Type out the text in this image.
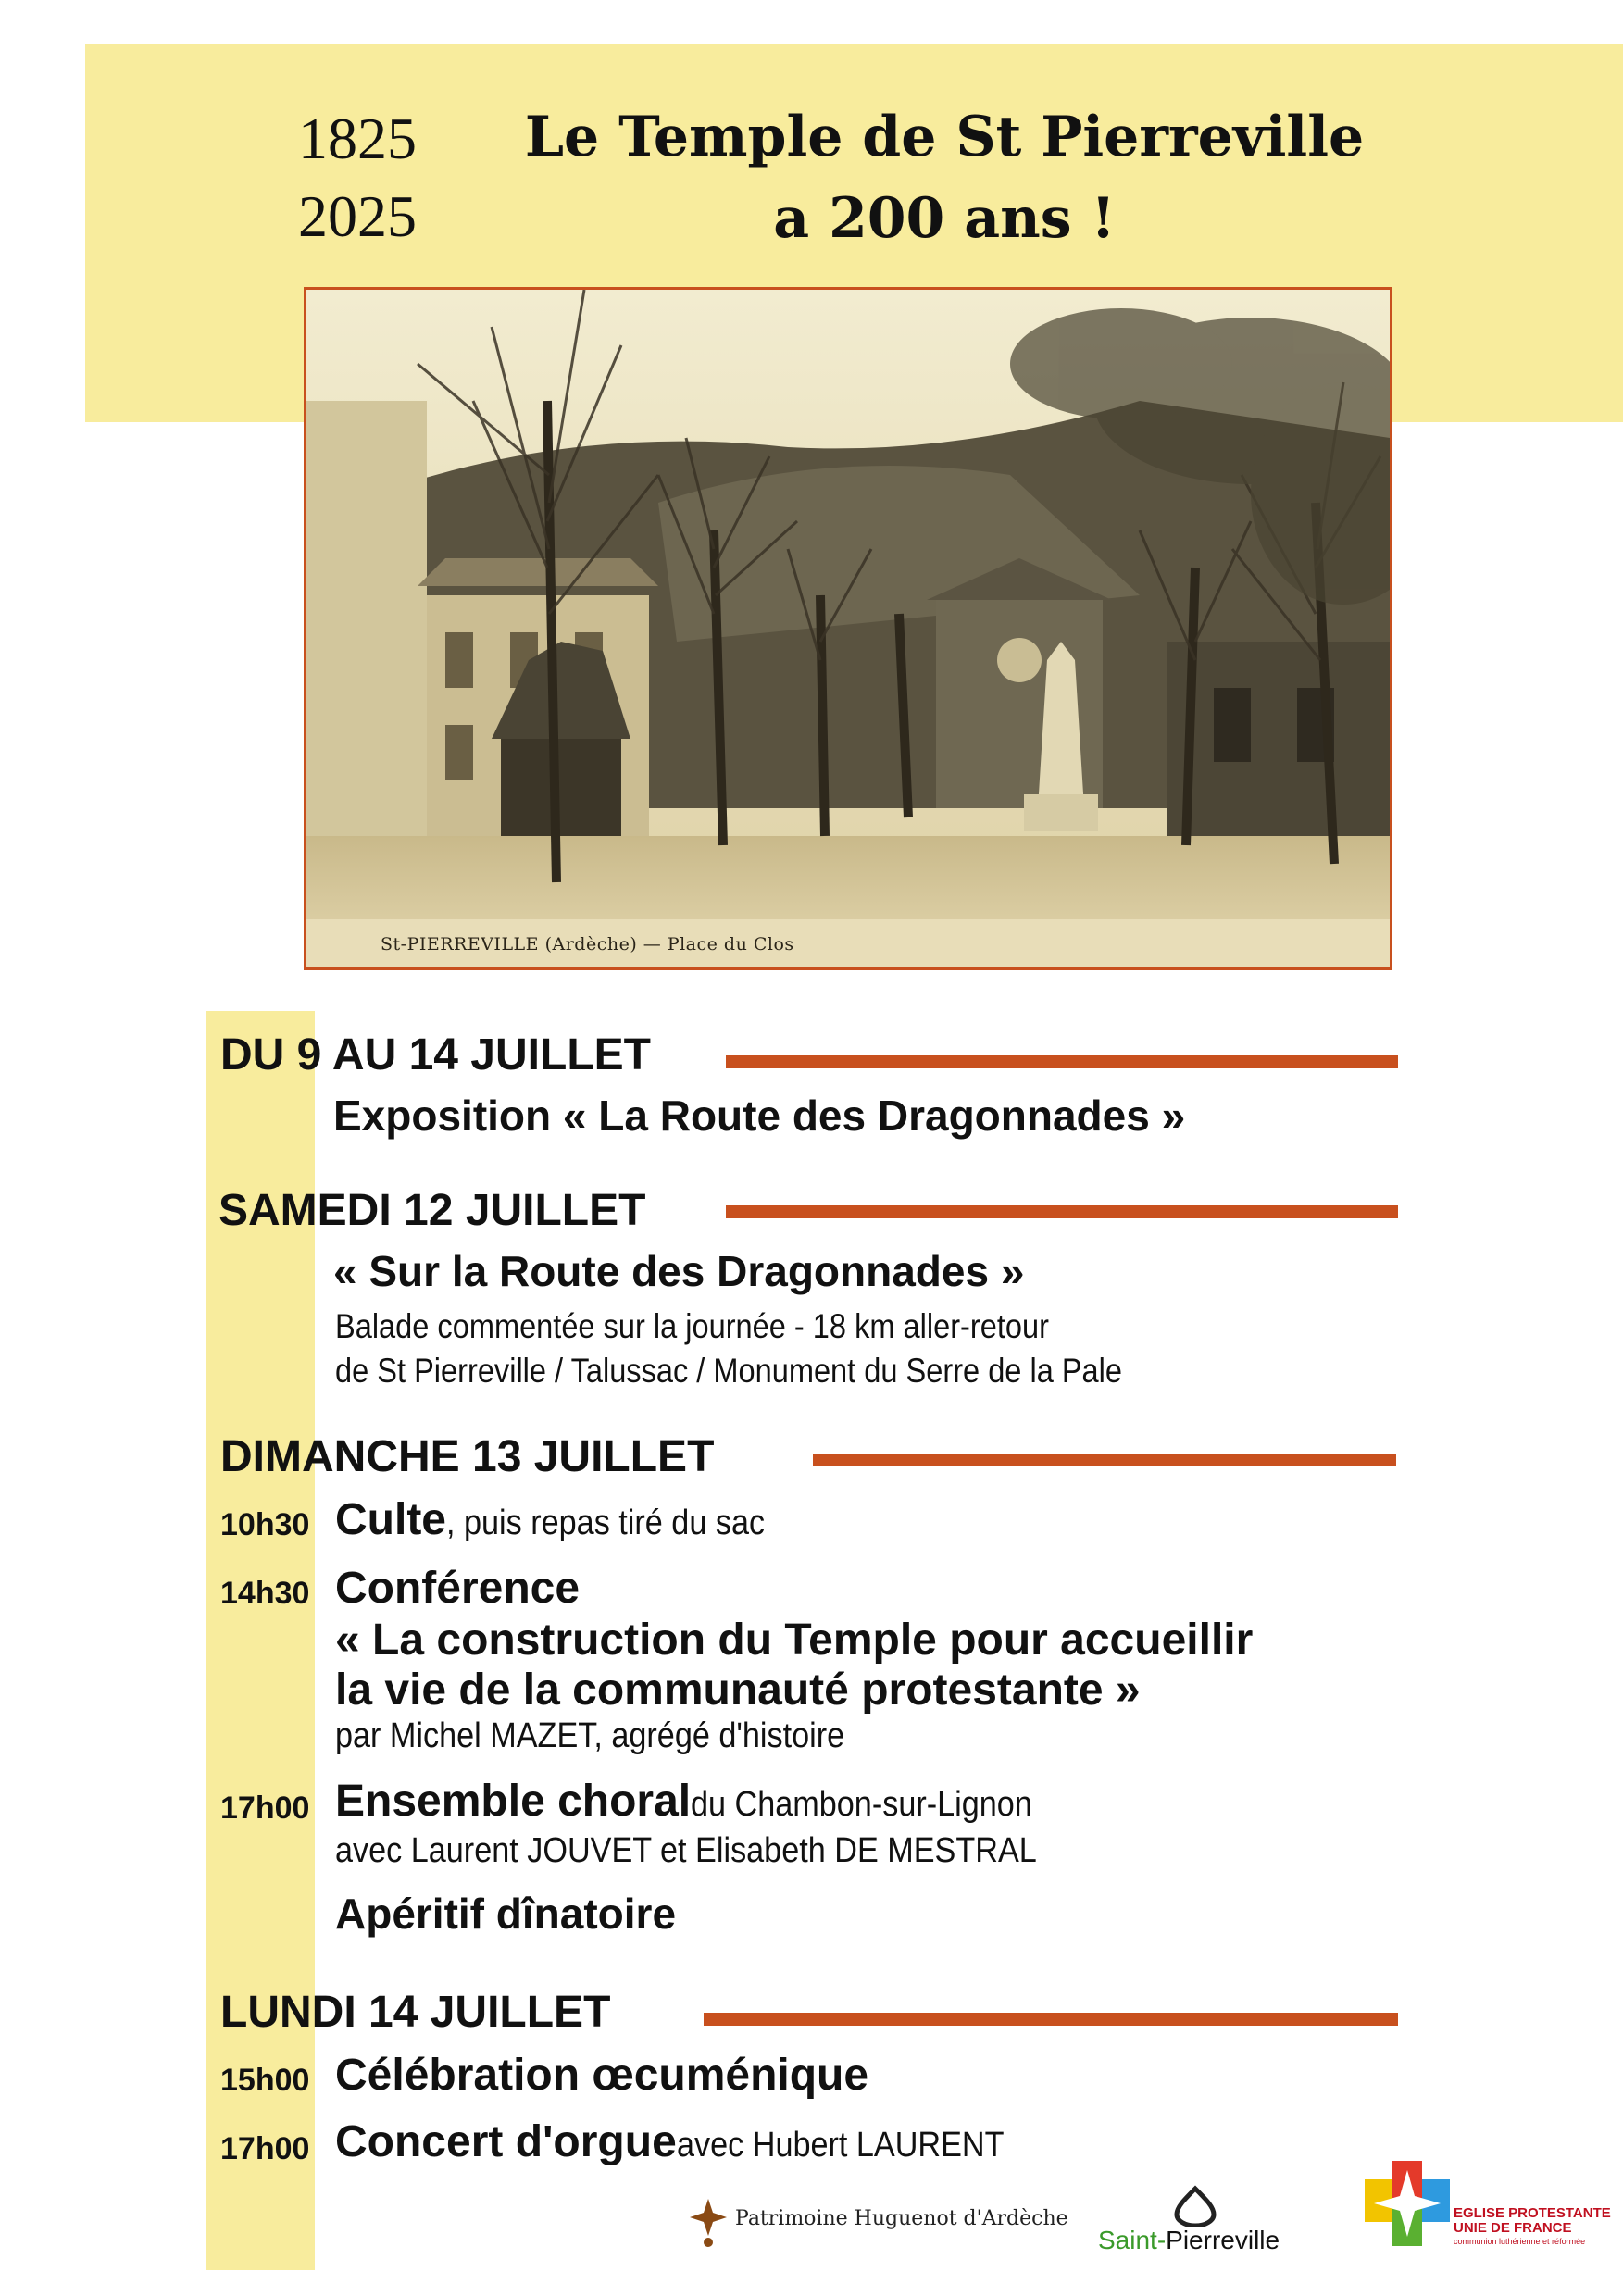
1825
2025
Le Temple de St Pierreville
a 200 ans !
St-PIERREVILLE (Ardèche) — Place du Clos
DU 9 AU 14 JUILLET
Exposition « La Route des Dragonnades »
SAMEDI 12 JUILLET
« Sur la Route des Dragonnades »
Balade commentée sur la journée - 18 km aller-retour
de St Pierreville / Talussac / Monument du Serre de la Pale
DIMANCHE 13 JUILLET
10h30 Culte, puis repas tiré du sac
14h30 Conférence
« La construction du Temple pour accueillir
la vie de la communauté protestante »
par Michel MAZET, agrégé d'histoire
17h00 Ensemble choraldu Chambon-sur-Lignon
avec Laurent JOUVET et Elisabeth DE MESTRAL
Apéritif dînatoire
LUNDI 14 JUILLET
15h00 Célébration œcuménique
17h00 Concert d'orgueavec Hubert LAURENT
Patrimoine Huguenot d'Ardèche
Saint-Pierreville
EGLISE PROTESTANTE
UNIE DE FRANCE
communion luthérienne et réformée
